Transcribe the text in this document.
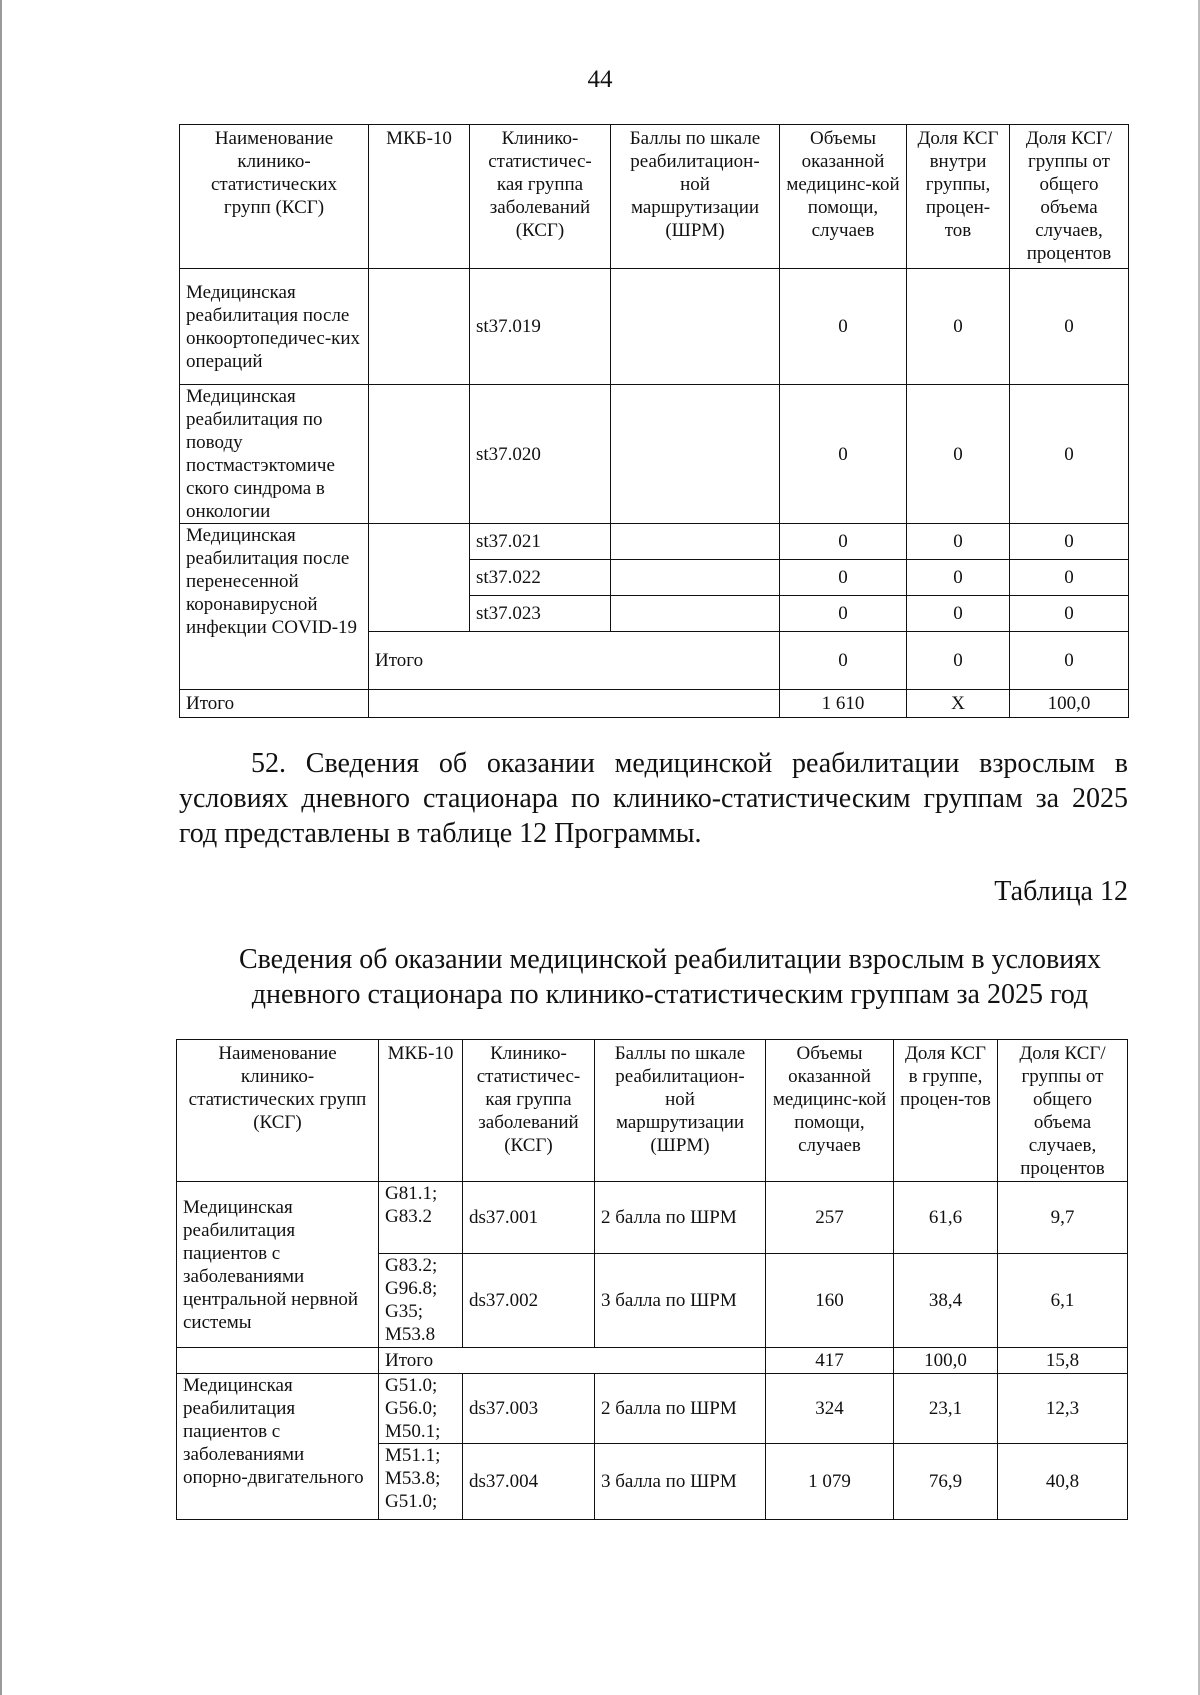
44
Наименование клинико-статистических групп (КСГ)	МКБ-10	Клинико-статистичес-кая группа заболеваний (КСГ)	Баллы по шкале реабилитацион-ной маршрутизации (ШРМ)	Объемы оказанной медицинс-кой помощи, случаев	Доля КСГ внутри группы, процен-тов	Доля КСГ/ группы от общего объема случаев, процентов
Медицинская реабилитация после онкоортопедичес-ких операций		st37.019		0	0	0
Медицинская реабилитация по поводу постмастэктомиче ского синдрома в онкологии		st37.020		0	0	0
Медицинская реабилитация после перенесенной коронавирусной инфекции COVID-19		st37.021		0	0	0
		st37.022		0	0	0
		st37.023		0	0	0
	Итого			0	0	0
Итого				1 610	X	100,0
52. Сведения об оказании медицинской реабилитации взрослым в условиях дневного стационара по клинико-статистическим группам за 2025 год представлены в таблице 12 Программы.
Таблица 12
Сведения об оказании медицинской реабилитации взрослым в условиях дневного стационара по клинико-статистическим группам за 2025 год
Наименование клинико-статистических групп (КСГ)	МКБ-10	Клинико-статистичес-кая группа заболеваний (КСГ)	Баллы по шкале реабилитацион-ной маршрутизации (ШРМ)	Объемы оказанной медицинс-кой помощи, случаев	Доля КСГ в группе, процен-тов	Доля КСГ/ группы от общего объема случаев, процентов
Медицинская реабилитация пациентов с заболеваниями центральной нервной системы	G81.1; G83.2	ds37.001	2 балла по ШРМ	257	61,6	9,7
	G83.2; G96.8; G35; M53.8	ds37.002	3 балла по ШРМ	160	38,4	6,1
	Итого			417	100,0	15,8
Медицинская реабилитация пациентов с заболеваниями опорно-двигательного	G51.0; G56.0; M50.1;	ds37.003	2 балла по ШРМ	324	23,1	12,3
	M51.1; M53.8; G51.0;	ds37.004	3 балла по ШРМ	1 079	76,9	40,8
